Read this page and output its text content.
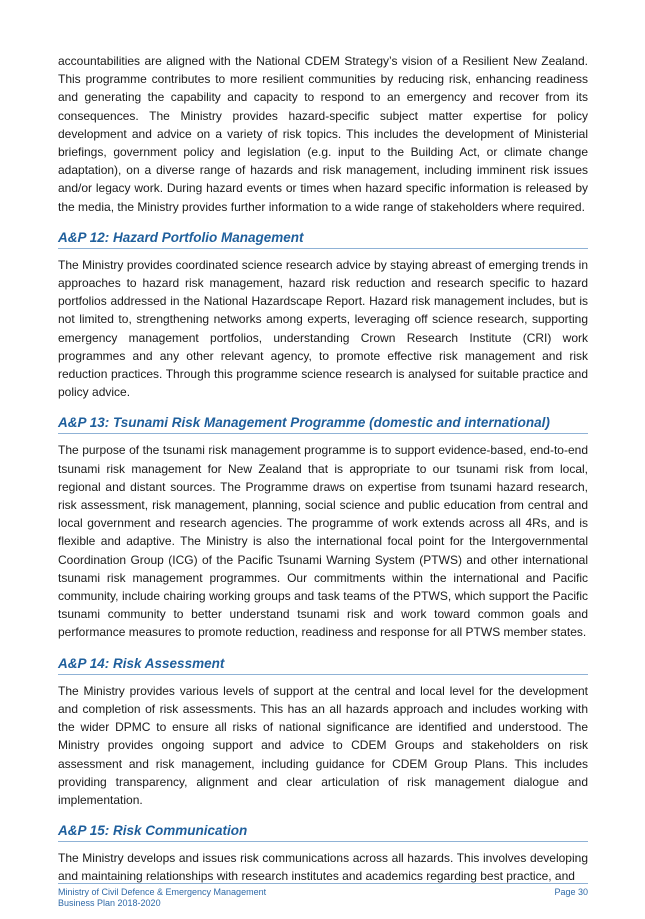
accountabilities are aligned with the National CDEM Strategy’s vision of a Resilient New Zealand. This programme contributes to more resilient communities by reducing risk, enhancing readiness and generating the capability and capacity to respond to an emergency and recover from its consequences. The Ministry provides hazard-specific subject matter expertise for policy development and advice on a variety of risk topics. This includes the development of Ministerial briefings, government policy and legislation (e.g. input to the Building Act, or climate change adaptation), on a diverse range of hazards and risk management, including imminent risk issues and/or legacy work. During hazard events or times when hazard specific information is released by the media, the Ministry provides further information to a wide range of stakeholders where required.

A&P 12: Hazard Portfolio Management

The Ministry provides coordinated science research advice by staying abreast of emerging trends in approaches to hazard risk management, hazard risk reduction and research specific to hazard portfolios addressed in the National Hazardscape Report. Hazard risk management includes, but is not limited to, strengthening networks among experts, leveraging off science research, supporting emergency management portfolios, understanding Crown Research Institute (CRI) work programmes and any other relevant agency, to promote effective risk management and risk reduction practices. Through this programme science research is analysed for suitable practice and policy advice.

A&P 13: Tsunami Risk Management Programme (domestic and international)

The purpose of the tsunami risk management programme is to support evidence-based, end-to-end tsunami risk management for New Zealand that is appropriate to our tsunami risk from local, regional and distant sources. The Programme draws on expertise from tsunami hazard research, risk assessment, risk management, planning, social science and public education from central and local government and research agencies. The programme of work extends across all 4Rs, and is flexible and adaptive. The Ministry is also the international focal point for the Intergovernmental Coordination Group (ICG) of the Pacific Tsunami Warning System (PTWS) and other international tsunami risk management programmes. Our commitments within the international and Pacific community, include chairing working groups and task teams of the PTWS, which support the Pacific tsunami community to better understand tsunami risk and work toward common goals and performance measures to promote reduction, readiness and response for all PTWS member states.

A&P 14: Risk Assessment

The Ministry provides various levels of support at the central and local level for the development and completion of risk assessments. This has an all hazards approach and includes working with the wider DPMC to ensure all risks of national significance are identified and understood. The Ministry provides ongoing support and advice to CDEM Groups and stakeholders on risk assessment and risk management, including guidance for CDEM Group Plans. This includes providing transparency, alignment and clear articulation of risk management dialogue and implementation.

A&P 15: Risk Communication

The Ministry develops and issues risk communications across all hazards. This involves developing and maintaining relationships with research institutes and academics regarding best practice, and

Ministry of Civil Defence & Emergency Management
Business Plan 2018-2020
Page 30
